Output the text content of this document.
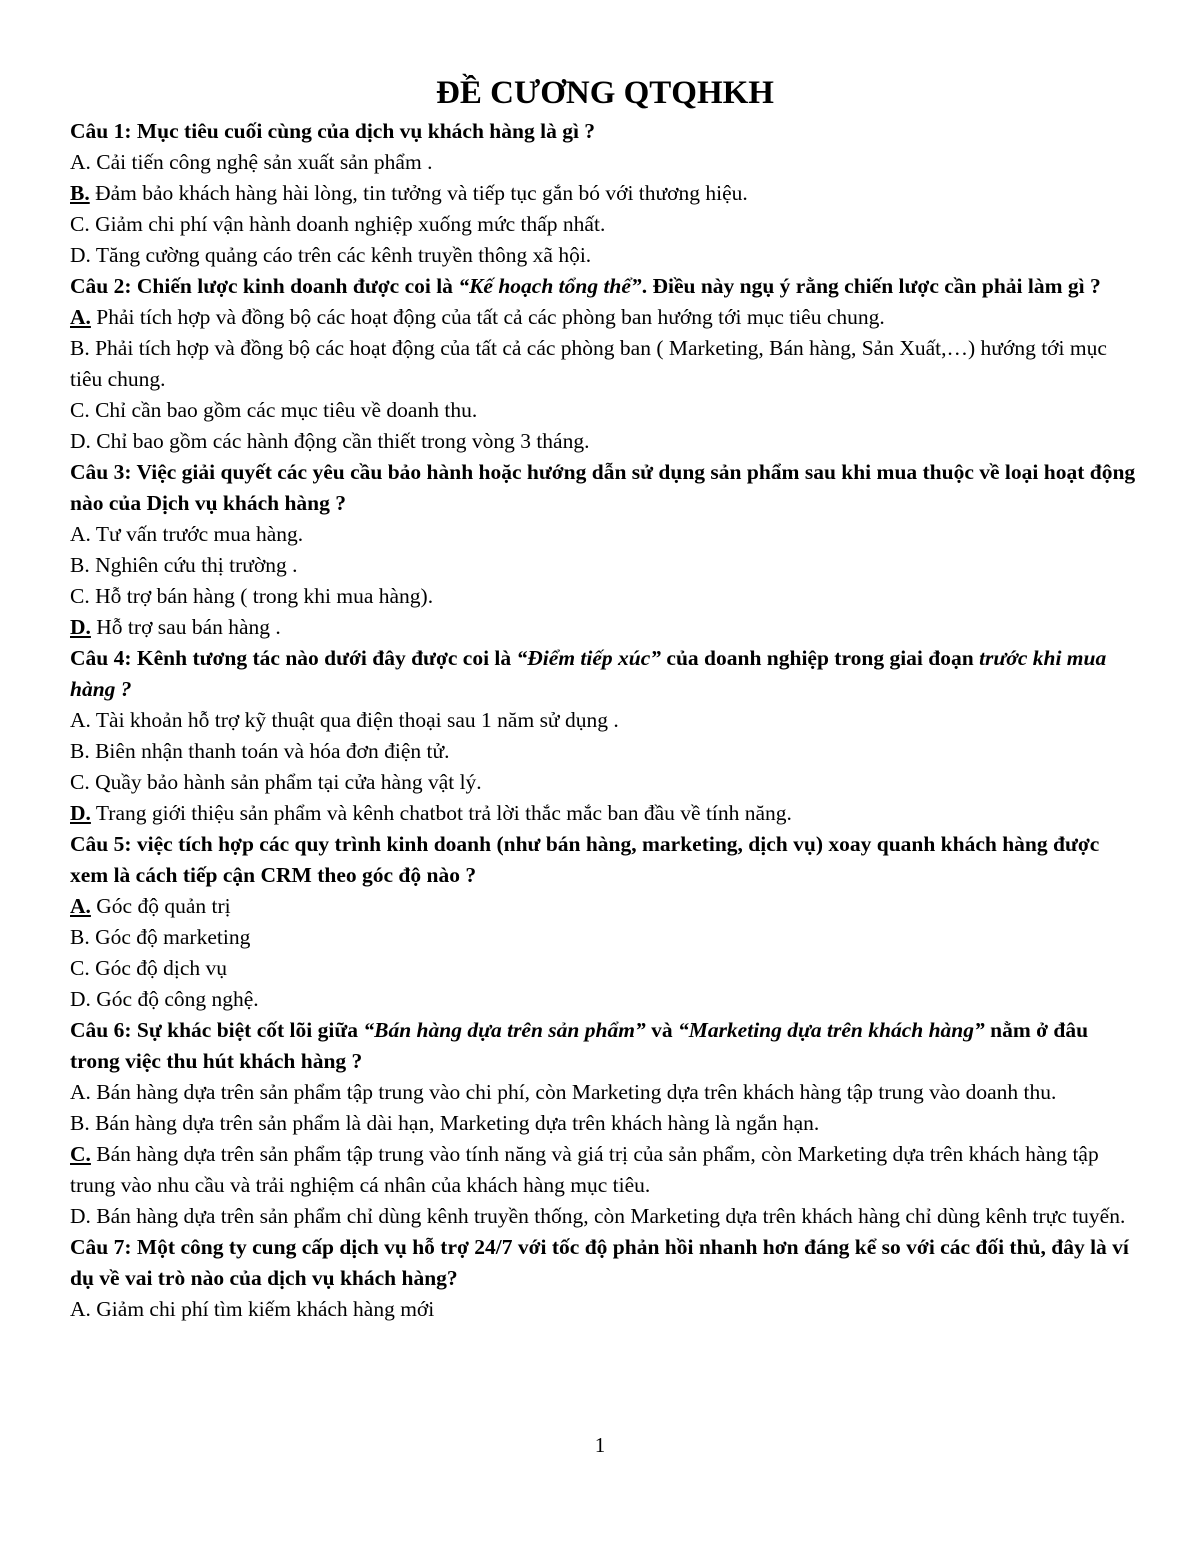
ĐỀ CƯƠNG QTQHKH

Câu 1: Mục tiêu cuối cùng của dịch vụ khách hàng là gì ?

A. Cải tiến công nghệ sản xuất sản phẩm .

B. Đảm bảo khách hàng hài lòng, tin tưởng và tiếp tục gắn bó với thương hiệu.

C. Giảm chi phí vận hành doanh nghiệp xuống mức thấp nhất.

D. Tăng cường quảng cáo trên các kênh truyền thông xã hội.

Câu 2: Chiến lược kinh doanh được coi là “Kế hoạch tổng thể”. Điều này ngụ ý rằng chiến lược cần phải làm gì ?

A. Phải tích hợp và đồng bộ các hoạt động của tất cả các phòng ban hướng tới mục tiêu chung.

B. Phải tích hợp và đồng bộ các hoạt động của tất cả các phòng ban ( Marketing, Bán hàng, Sản Xuất,…) hướng tới mục tiêu chung.

C. Chỉ cần bao gồm các mục tiêu về doanh thu.

D. Chỉ bao gồm các hành động cần thiết trong vòng 3 tháng.

Câu 3: Việc giải quyết các yêu cầu bảo hành hoặc hướng dẫn sử dụng sản phẩm sau khi mua thuộc về loại hoạt động nào của Dịch vụ khách hàng ?

A. Tư vấn trước mua hàng.

B. Nghiên cứu thị trường .

C. Hỗ trợ bán hàng ( trong khi mua hàng).

D. Hỗ trợ sau bán hàng .

Câu 4: Kênh tương tác nào dưới đây được coi là “Điểm tiếp xúc” của doanh nghiệp trong giai đoạn trước khi mua hàng ?

A. Tài khoản hỗ trợ kỹ thuật qua điện thoại sau 1 năm sử dụng .

B. Biên nhận thanh toán và hóa đơn điện tử.

C. Quầy bảo hành sản phẩm tại cửa hàng vật lý.

D. Trang giới thiệu sản phẩm và kênh chatbot trả lời thắc mắc ban đầu về tính năng.

Câu 5: việc tích hợp các quy trình kinh doanh (như bán hàng, marketing, dịch vụ) xoay quanh khách hàng được xem là cách tiếp cận CRM theo góc độ nào ?

A. Góc độ quản trị

B. Góc độ marketing

C. Góc độ dịch vụ

D. Góc độ công nghệ.

Câu 6: Sự khác biệt cốt lõi giữa “Bán hàng dựa trên sản phẩm” và “Marketing dựa trên khách hàng” nằm ở đâu trong việc thu hút khách hàng ?

A. Bán hàng dựa trên sản phẩm tập trung vào chi phí, còn Marketing dựa trên khách hàng tập trung vào doanh thu.

B. Bán hàng dựa trên sản phẩm là dài hạn, Marketing dựa trên khách hàng là ngắn hạn.

C. Bán hàng dựa trên sản phẩm tập trung vào tính năng và giá trị của sản phẩm, còn Marketing dựa trên khách hàng tập trung vào nhu cầu và trải nghiệm cá nhân của khách hàng mục tiêu.

D. Bán hàng dựa trên sản phẩm chỉ dùng kênh truyền thống, còn Marketing dựa trên khách hàng chỉ dùng kênh trực tuyến.

Câu 7: Một công ty cung cấp dịch vụ hỗ trợ 24/7 với tốc độ phản hồi nhanh hơn đáng kể so với các đối thủ, đây là ví dụ về vai trò nào của dịch vụ khách hàng?

A. Giảm chi phí tìm kiếm khách hàng mới

1
